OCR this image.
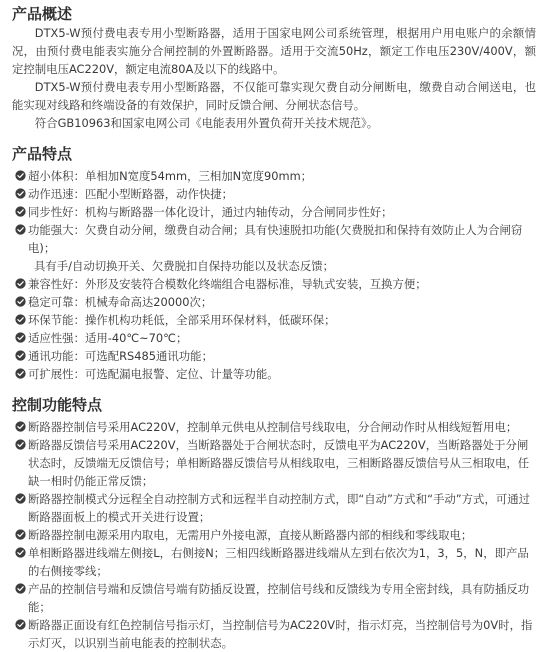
产品概述

DTX5-W预付费电表专用小型断路器，适用于国家电网公司系统管理，根据用户用电账户的余额情况，由预付费电能表实施分合闸控制的外置断路器。适用于交流50Hz，额定工作电压230V/400V，额定控制电压AC220V，额定电流80A及以下的线路中。

DTX5-W预付费电表专用小型断路器，不仅能可靠实现欠费自动分闸断电，缴费自动合闸送电，也能实现对线路和终端设备的有效保护，同时反馈合闸、分闸状态信号。

符合GB10963和国家电网公司《电能表用外置负荷开关技术规范》。

产品特点
超小体积：单相加N宽度54mm，三相加N宽度90mm；
动作迅速：匹配小型断路器，动作快捷；
同步性好：机构与断路器一体化设计，通过内轴传动，分合闸同步性好；
功能强大：欠费自动分闸，缴费自动合闸；具有快速脱扣功能(欠费脱扣和保持有效防止人为合闸窃电)；
具有手/自动切换开关、欠费脱扣自保持功能以及状态反馈；
兼容性好：外形及安装符合模数化终端组合电器标准，导轨式安装，互换方便；
稳定可靠：机械寿命高达20000次；
环保节能：操作机构功耗低，全部采用环保材料，低碳环保；
适应性强：适用-40℃~70℃；
通讯功能：可选配RS485通讯功能；
可扩展性：可选配漏电报警、定位、计量等功能。
控制功能特点
断路器控制信号采用AC220V，控制单元供电从控制信号线取电，分合闸动作时从相线短暂用电；
断路器反馈信号采用AC220V，当断路器处于合闸状态时，反馈电平为AC220V，当断路器处于分闸状态时，反馈端无反馈信号；单相断路器反馈信号从相线取电，三相断路器反馈信号从三相取电，任缺一相时仍能正常反馈；
断路器控制模式分远程全自动控制方式和远程半自动控制方式，即“自动”方式和“手动”方式，可通过断路器面板上的模式开关进行设置；
断路器控制电源采用内取电，无需用户外接电源，直接从断路器内部的相线和零线取电；
单相断路器进线端左侧接L，右侧接N；三相四线断路器进线端从左到右依次为1，3，5，N，即产品的右侧接零线；
产品的控制信号端和反馈信号端有防插反设置，控制信号线和反馈线为专用全密封线，具有防插反功能；
断路器正面设有红色控制信号指示灯，当控制信号为AC220V时，指示灯亮，当控制信号为0V时，指示灯灭，以识别当前电能表的控制状态。
